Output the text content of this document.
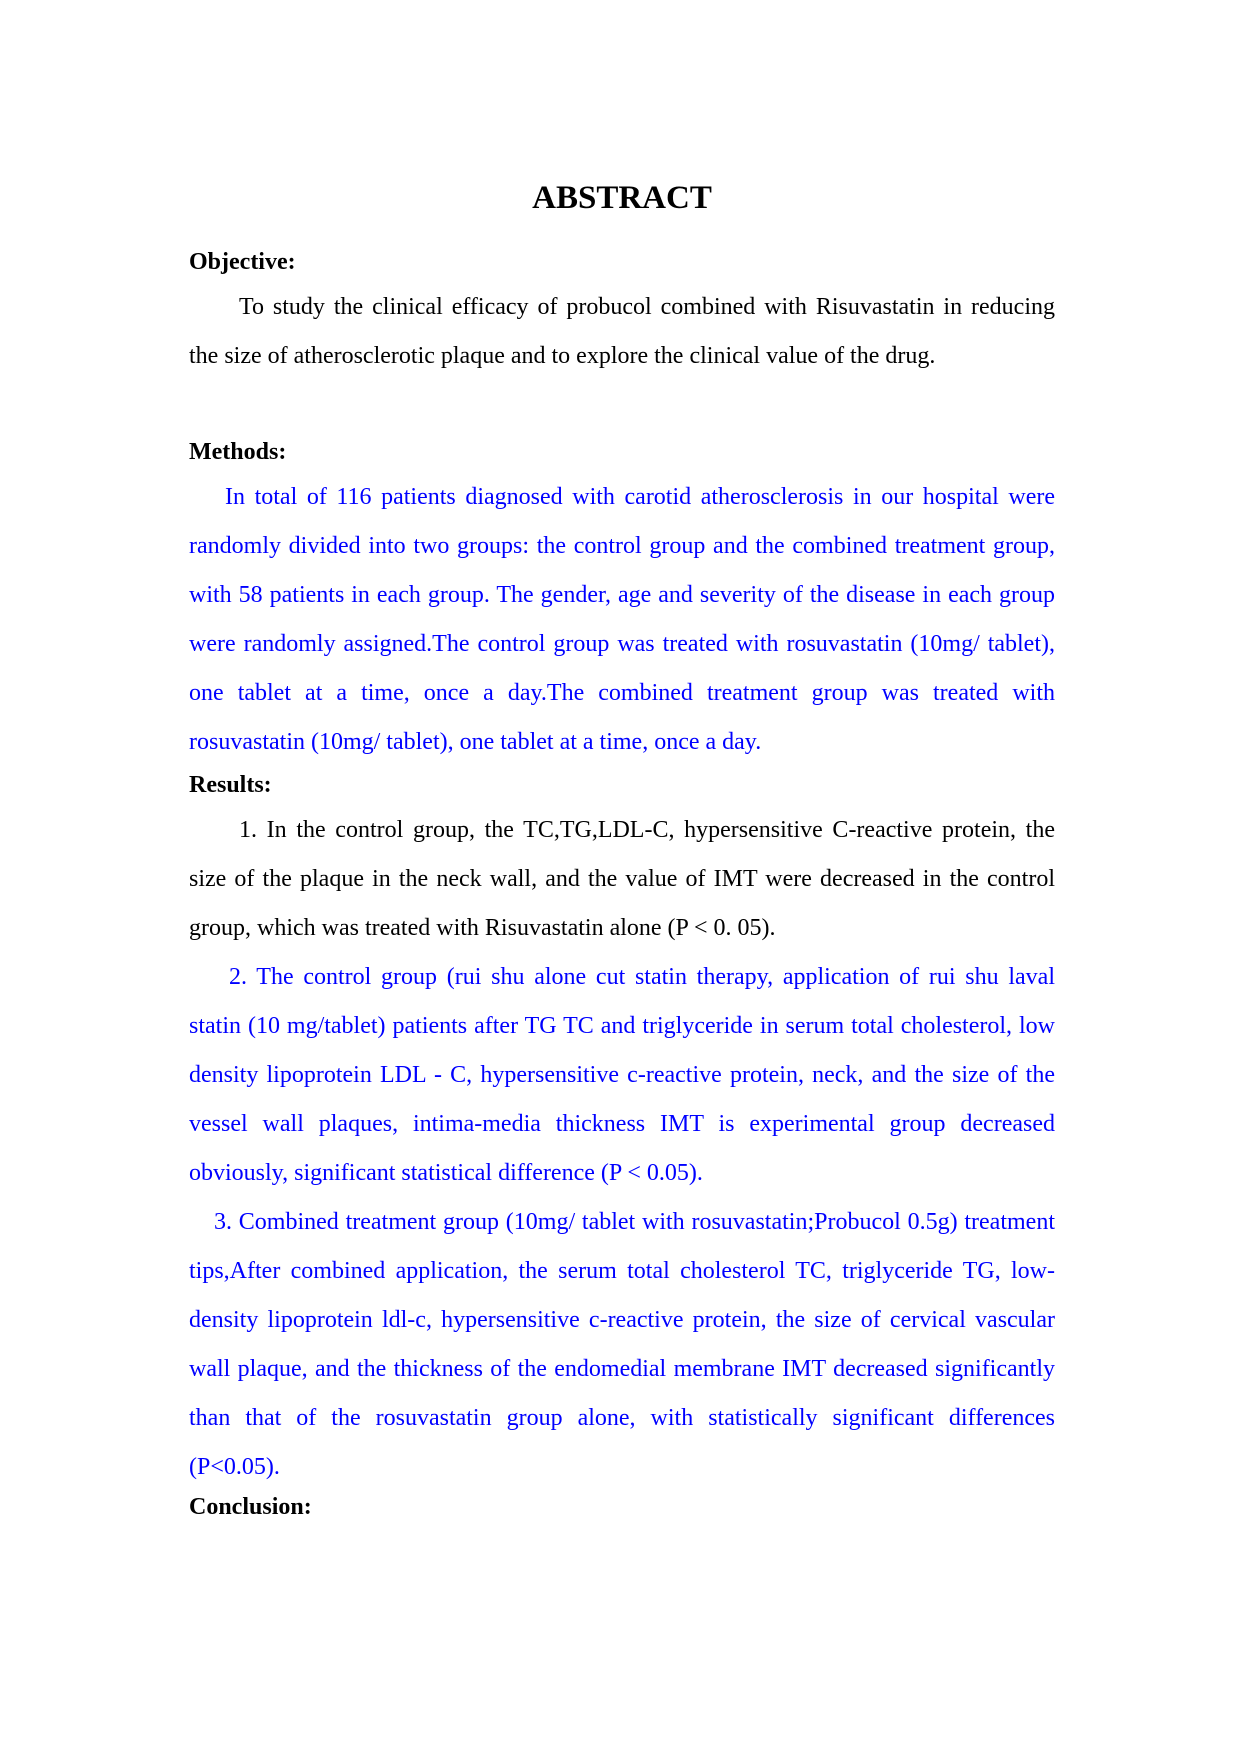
ABSTRACT
Objective:

To study the clinical efficacy of probucol combined with Risuvastatin in reducing the size of atherosclerotic plaque and to explore the clinical value of the drug.

Methods:

In total of 116 patients diagnosed with carotid atherosclerosis in our hospital were randomly divided into two groups: the control group and the combined treatment group, with 58 patients in each group. The gender, age and severity of the disease in each group were randomly assigned.The control group was treated with rosuvastatin (10mg/ tablet), one tablet at a time, once a day.The combined treatment group was treated with rosuvastatin (10mg/ tablet), one tablet at a time, once a day.

Results:

1. In the control group, the TC,TG,LDL-C, hypersensitive C-reactive protein, the size of the plaque in the neck wall, and the value of IMT were decreased in the control group, which was treated with Risuvastatin alone (P < 0. 05).

2. The control group (rui shu alone cut statin therapy, application of rui shu laval statin (10 mg/tablet) patients after TG TC and triglyceride in serum total cholesterol, low density lipoprotein LDL - C, hypersensitive c-reactive protein, neck, and the size of the vessel wall plaques, intima-media thickness IMT is experimental group decreased obviously, significant statistical difference (P < 0.05).

3. Combined treatment group (10mg/ tablet with rosuvastatin;Probucol 0.5g) treatment tips,After combined application, the serum total cholesterol TC, triglyceride TG, low-density lipoprotein ldl-c, hypersensitive c-reactive protein, the size of cervical vascular wall plaque, and the thickness of the endomedial membrane IMT decreased significantly than that of the rosuvastatin group alone, with statistically significant differences (P<0.05).

Conclusion:
